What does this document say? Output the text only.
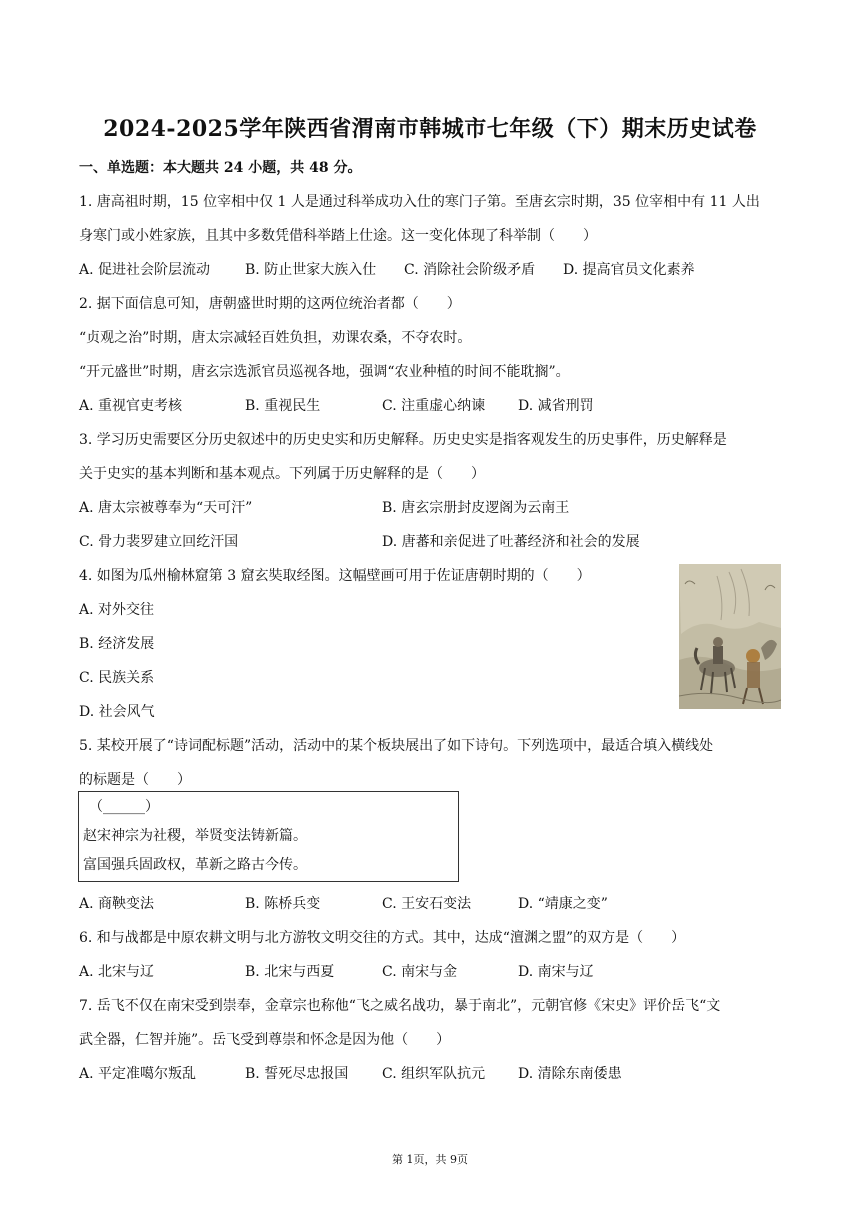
2024-2025学年陕西省渭南市韩城市七年级（下）期末历史试卷
一、单选题：本大题共 24 小题，共 48 分。
1. 唐高祖时期，15 位宰相中仅 1 人是通过科举成功入仕的寒门子第。至唐玄宗时期，35 位宰相中有 11 人出
身寒门或小姓家族，且其中多数凭借科举踏上仕途。这一变化体现了科举制（　　）
A. 促进社会阶层流动 B. 防止世家大族入仕 C. 消除社会阶级矛盾 D. 提高官员文化素养
2. 据下面信息可知，唐朝盛世时期的这两位统治者都（　　）
“贞观之治”时期，唐太宗减轻百姓负担，劝课农桑，不夺农时。
“开元盛世”时期，唐玄宗选派官员巡视各地，强调“农业种植的时间不能耽搁”。
A. 重视官吏考核	B. 重视民生	C. 注重虚心纳谏 D. 减省刑罚
3. 学习历史需要区分历史叙述中的历史史实和历史解释。历史史实是指客观发生的历史事件，历史解释是
关于史实的基本判断和基本观点。下列属于历史解释的是（　　）
A. 唐太宗被尊奉为“天可汗”	B. 唐玄宗册封皮逻阁为云南王
C. 骨力裴罗建立回纥汗国	D. 唐蕃和亲促进了吐蕃经济和社会的发展
4. 如图为瓜州榆林窟第 3 窟玄奘取经图。这幅壁画可用于佐证唐朝时期的（　　）
A. 对外交往
B. 经济发展
C. 民族关系
D. 社会风气
5. 某校开展了“诗词配标题”活动，活动中的某个板块展出了如下诗句。下列选项中，最适合填入横线处
的标题是（　　）
（______）
赵宋神宗为社稷，举贤变法铸新篇。
富国强兵固政权，革新之路古今传。
A. 商鞅变法	B. 陈桥兵变	C. 王安石变法	D. “靖康之变”
6. 和与战都是中原农耕文明与北方游牧文明交往的方式。其中，达成“澶渊之盟”的双方是（　　）
A. 北宋与辽	B. 北宋与西夏	C. 南宋与金	D. 南宋与辽
7. 岳飞不仅在南宋受到崇奉，金章宗也称他“飞之威名战功，暴于南北”，元朝官修《宋史》评价岳飞“文
武全器，仁智并施”。岳飞受到尊崇和怀念是因为他（　　）
A. 平定准噶尔叛乱	B. 誓死尽忠报国 C. 组织军队抗元 D. 清除东南倭患
第 1页，共 9页
